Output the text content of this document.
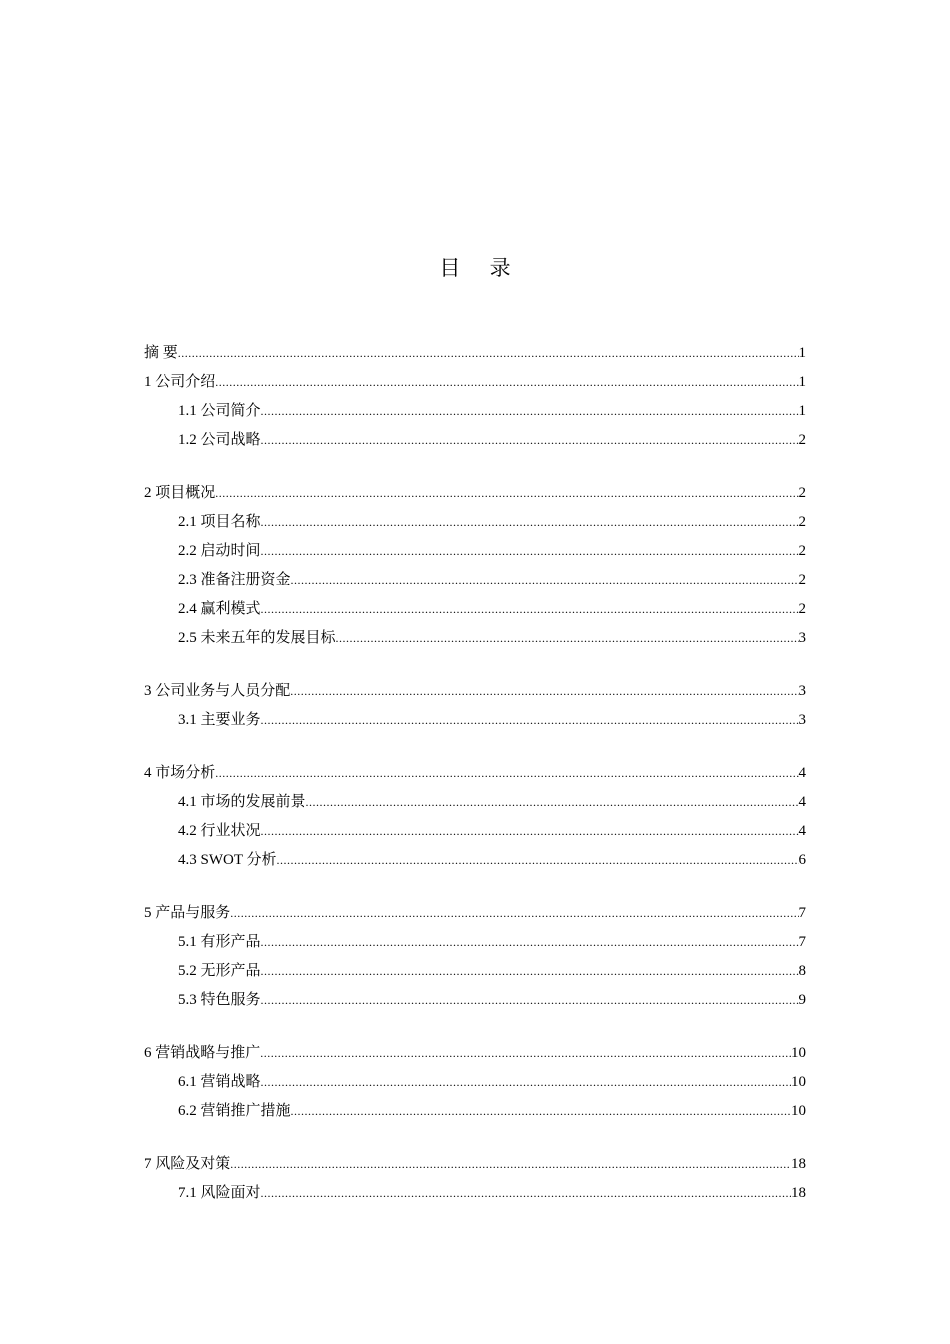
目 录
摘 要 .....	1
1 公司介绍 .....	1
1.1 公司简介 .....	1
1.2 公司战略 .....	2
2 项目概况 .....	2
2.1 项目名称 .....	2
2.2 启动时间 .....	2
2.3 准备注册资金 .....	2
2.4 赢利模式 .....	2
2.5 未来五年的发展目标 .....	3
3 公司业务与人员分配 .....	3
3.1 主要业务 .....	3
4 市场分析 .....	4
4.1 市场的发展前景 .....	4
4.2 行业状况 .....	4
4.3 SWOT 分析 .....	6
5 产品与服务 .....	7
5.1 有形产品 .....	7
5.2 无形产品 .....	8
5.3 特色服务 .....	9
6 营销战略与推广 .....	10
6.1 营销战略 .....	10
6.2 营销推广措施 .....	10
7 风险及对策 .....	18
7.1 风险面对 .....	18
